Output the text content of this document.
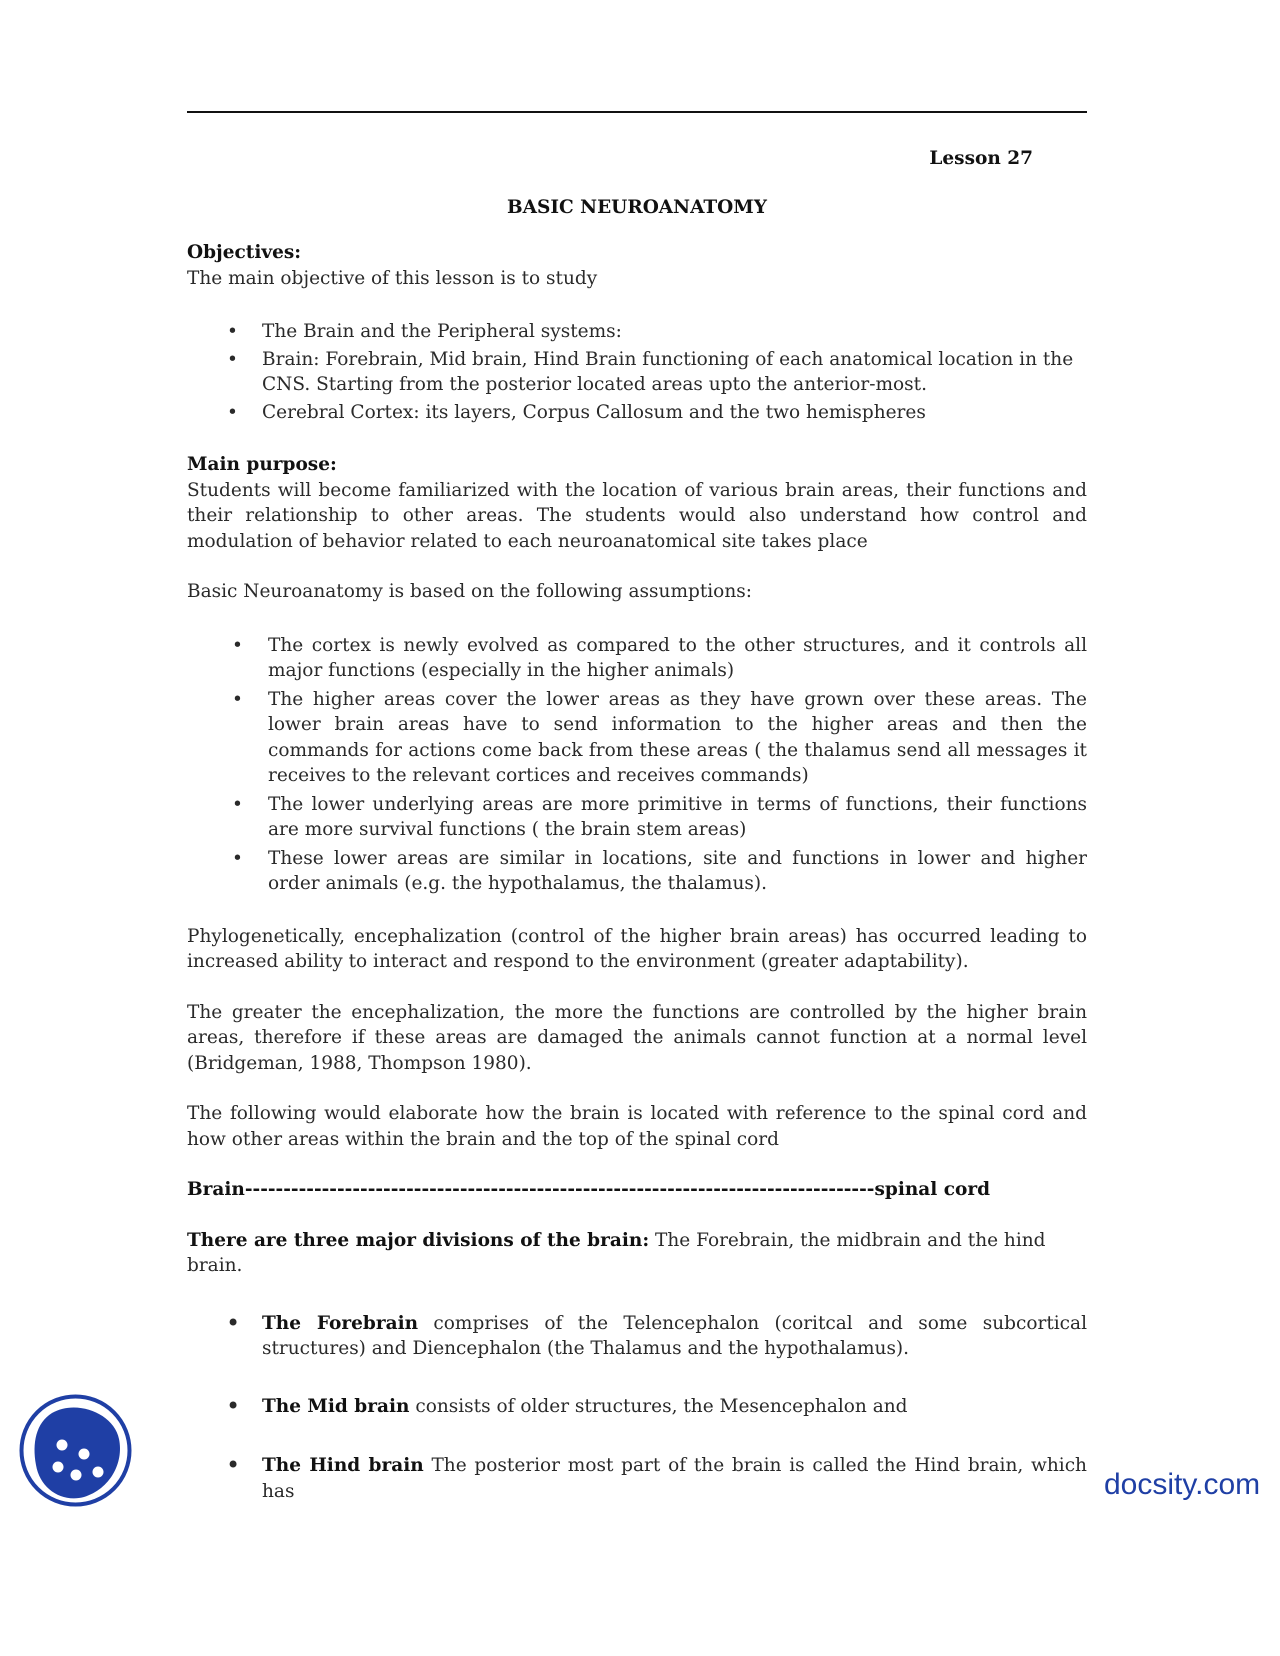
Lesson 27

BASIC NEUROANATOMY

Objectives:

The main objective of this lesson is to study

• The Brain and the Peripheral systems:
• Brain: Forebrain, Mid brain, Hind Brain functioning of each anatomical location in the CNS. Starting from the posterior located areas upto the anterior-most.
• Cerebral Cortex: its layers, Corpus Callosum and the two hemispheres

Main purpose:

Students will become familiarized with the location of various brain areas, their functions and their relationship to other areas. The students would also understand how control and modulation of behavior related to each neuroanatomical site takes place

Basic Neuroanatomy is based on the following assumptions:

• The cortex is newly evolved as compared to the other structures, and it controls all major functions (especially in the higher animals)
• The higher areas cover the lower areas as they have grown over these areas. The lower brain areas have to send information to the higher areas and then the commands for actions come back from these areas ( the thalamus send all messages it receives to the relevant cortices and receives commands)
• The lower underlying areas are more primitive in terms of functions, their functions are more survival functions ( the brain stem areas)
• These lower areas are similar in locations, site and functions in lower and higher order animals (e.g. the hypothalamus, the thalamus).

Phylogenetically, encephalization (control of the higher brain areas) has occurred leading to increased ability to interact and respond to the environment (greater adaptability).

The greater the encephalization, the more the functions are controlled by the higher brain areas, therefore if these areas are damaged the animals cannot function at a normal level (Bridgeman, 1988, Thompson 1980).

The following would elaborate how the brain is located with reference to the spinal cord and how other areas within the brain and the top of the spinal cord

Brain----------------------------------------------------------------------------------spinal cord

There are three major divisions of the brain: The Forebrain, the midbrain and the hind brain.

• The Forebrain comprises of the Telencephalon (coritcal and some subcortical structures) and Diencephalon (the Thalamus and the hypothalamus).
• The Mid brain consists of older structures, the Mesencephalon and
• The Hind brain The posterior most part of the brain is called the Hind brain, which has	docsity.com
